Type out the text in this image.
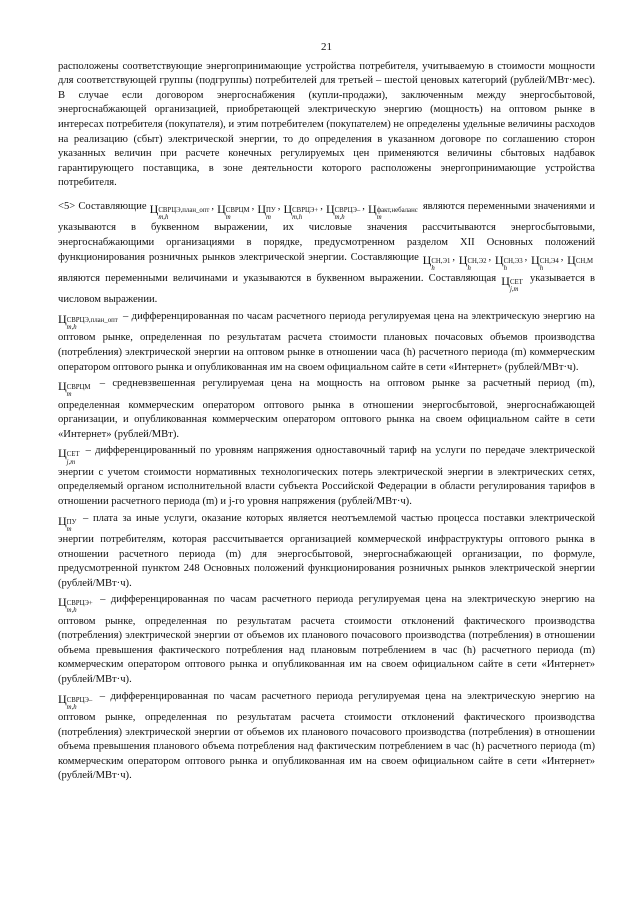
21

расположены соответствующие энергопринимающие устройства потребителя, учитываемую в стоимости мощности для соответствующей группы (подгруппы) потребителей для третьей – шестой ценовых категорий (рублей/МВт·мес). В случае если договором энергоснабжения (купли-продажи), заключенным между энергосбытовой, энергоснабжающей организацией, приобретающей электрическую энергию (мощность) на оптовом рынке в интересах потребителя (покупателя), и этим потребителем (покупателем) не определены удельные величины расходов на реализацию (сбыт) электрической энергии, то до определения в указанном договоре по соглашению сторон указанных величин при расчете конечных регулируемых цен применяются величины сбытовых надбавок гарантирующего поставщика, в зоне деятельности которого расположены энергопринимающие устройства потребителя.

<5> Составляющие Ц СВРЦЭ,план_опт
m,h
, Ц СВРЦМ
m
, Ц ПУ
m
, Ц СВРЦЭ+
m,h
, Ц СВРЦЭ–
m,h
, Ц факт,небаланс
m
являются переменными значениями и указываются в буквенном выражении, их числовые значения рассчитываются энергосбытовыми, энергоснабжающими организациями в порядке, предусмотренном разделом XII Основных положений функционирования розничных рынков электрической энергии. Составляющие Ц СН,Э1
h
, Ц СН,Э2
h
, Ц СН,Э3
h
, Ц СН,Э4
h
, Ц СН,М
являются переменными величинами и указываются в буквенном выражении. Составляющая Ц СЕТ
j,m
указывается в числовом выражении.

Ц СВРЦЭ,план_опт
m,h
– дифференцированная по часам расчетного периода регулируемая цена на электрическую энергию на оптовом рынке, определенная по результатам расчета стоимости плановых почасовых объемов производства (потребления) электрической энергии на оптовом рынке в отношении часа (h) расчетного периода (m) коммерческим оператором оптового рынка и опубликованная им на своем официальном сайте в сети «Интернет» (рублей/МВт·ч).

Ц СВРЦМ
m
– средневзвешенная регулируемая цена на мощность на оптовом рынке за расчетный период (m), определенная коммерческим оператором оптового рынка в отношении энергосбытовой, энергоснабжающей организации, и опубликованная коммерческим оператором оптового рынка на своем официальном сайте в сети «Интернет» (рублей/МВт).

Ц СЕТ
j,m
– дифференцированный по уровням напряжения одноставочный тариф на услуги по передаче электрической энергии с учетом стоимости нормативных технологических потерь электрической энергии в электрических сетях, определяемый органом исполнительной власти субъекта Российской Федерации в области регулирования тарифов в отношении расчетного периода (m) и j-го уровня напряжения (рублей/МВт·ч).

Ц ПУ
m
– плата за иные услуги, оказание которых является неотъемлемой частью процесса поставки электрической энергии потребителям, которая рассчитывается организацией коммерческой инфраструктуры оптового рынка в отношении расчетного периода (m) для энергосбытовой, энергоснабжающей организации, по формуле, предусмотренной пунктом 248 Основных положений функционирования розничных рынков электрической энергии (рублей/МВт·ч).

Ц СВРЦЭ+
m,h
– дифференцированная по часам расчетного периода регулируемая цена на электрическую энергию на оптовом рынке, определенная по результатам расчета стоимости отклонений фактического производства (потребления) электрической энергии от объемов их планового почасового производства (потребления) в отношении объема превышения фактического потребления над плановым потреблением в час (h) расчетного периода (m) коммерческим оператором оптового рынка и опубликованная им на своем официальном сайте в сети «Интернет» (рублей/МВт·ч).

Ц СВРЦЭ–
m,h
– дифференцированная по часам расчетного периода регулируемая цена на электрическую энергию на оптовом рынке, определенная по результатам расчета стоимости отклонений фактического производства (потребления) электрической энергии от объемов их планового почасового производства (потребления) в отношении объема превышения планового объема потребления над фактическим потреблением в час (h) расчетного периода (m) коммерческим оператором оптового рынка и опубликованная им на своем официальном сайте в сети «Интернет» (рублей/МВт·ч).
